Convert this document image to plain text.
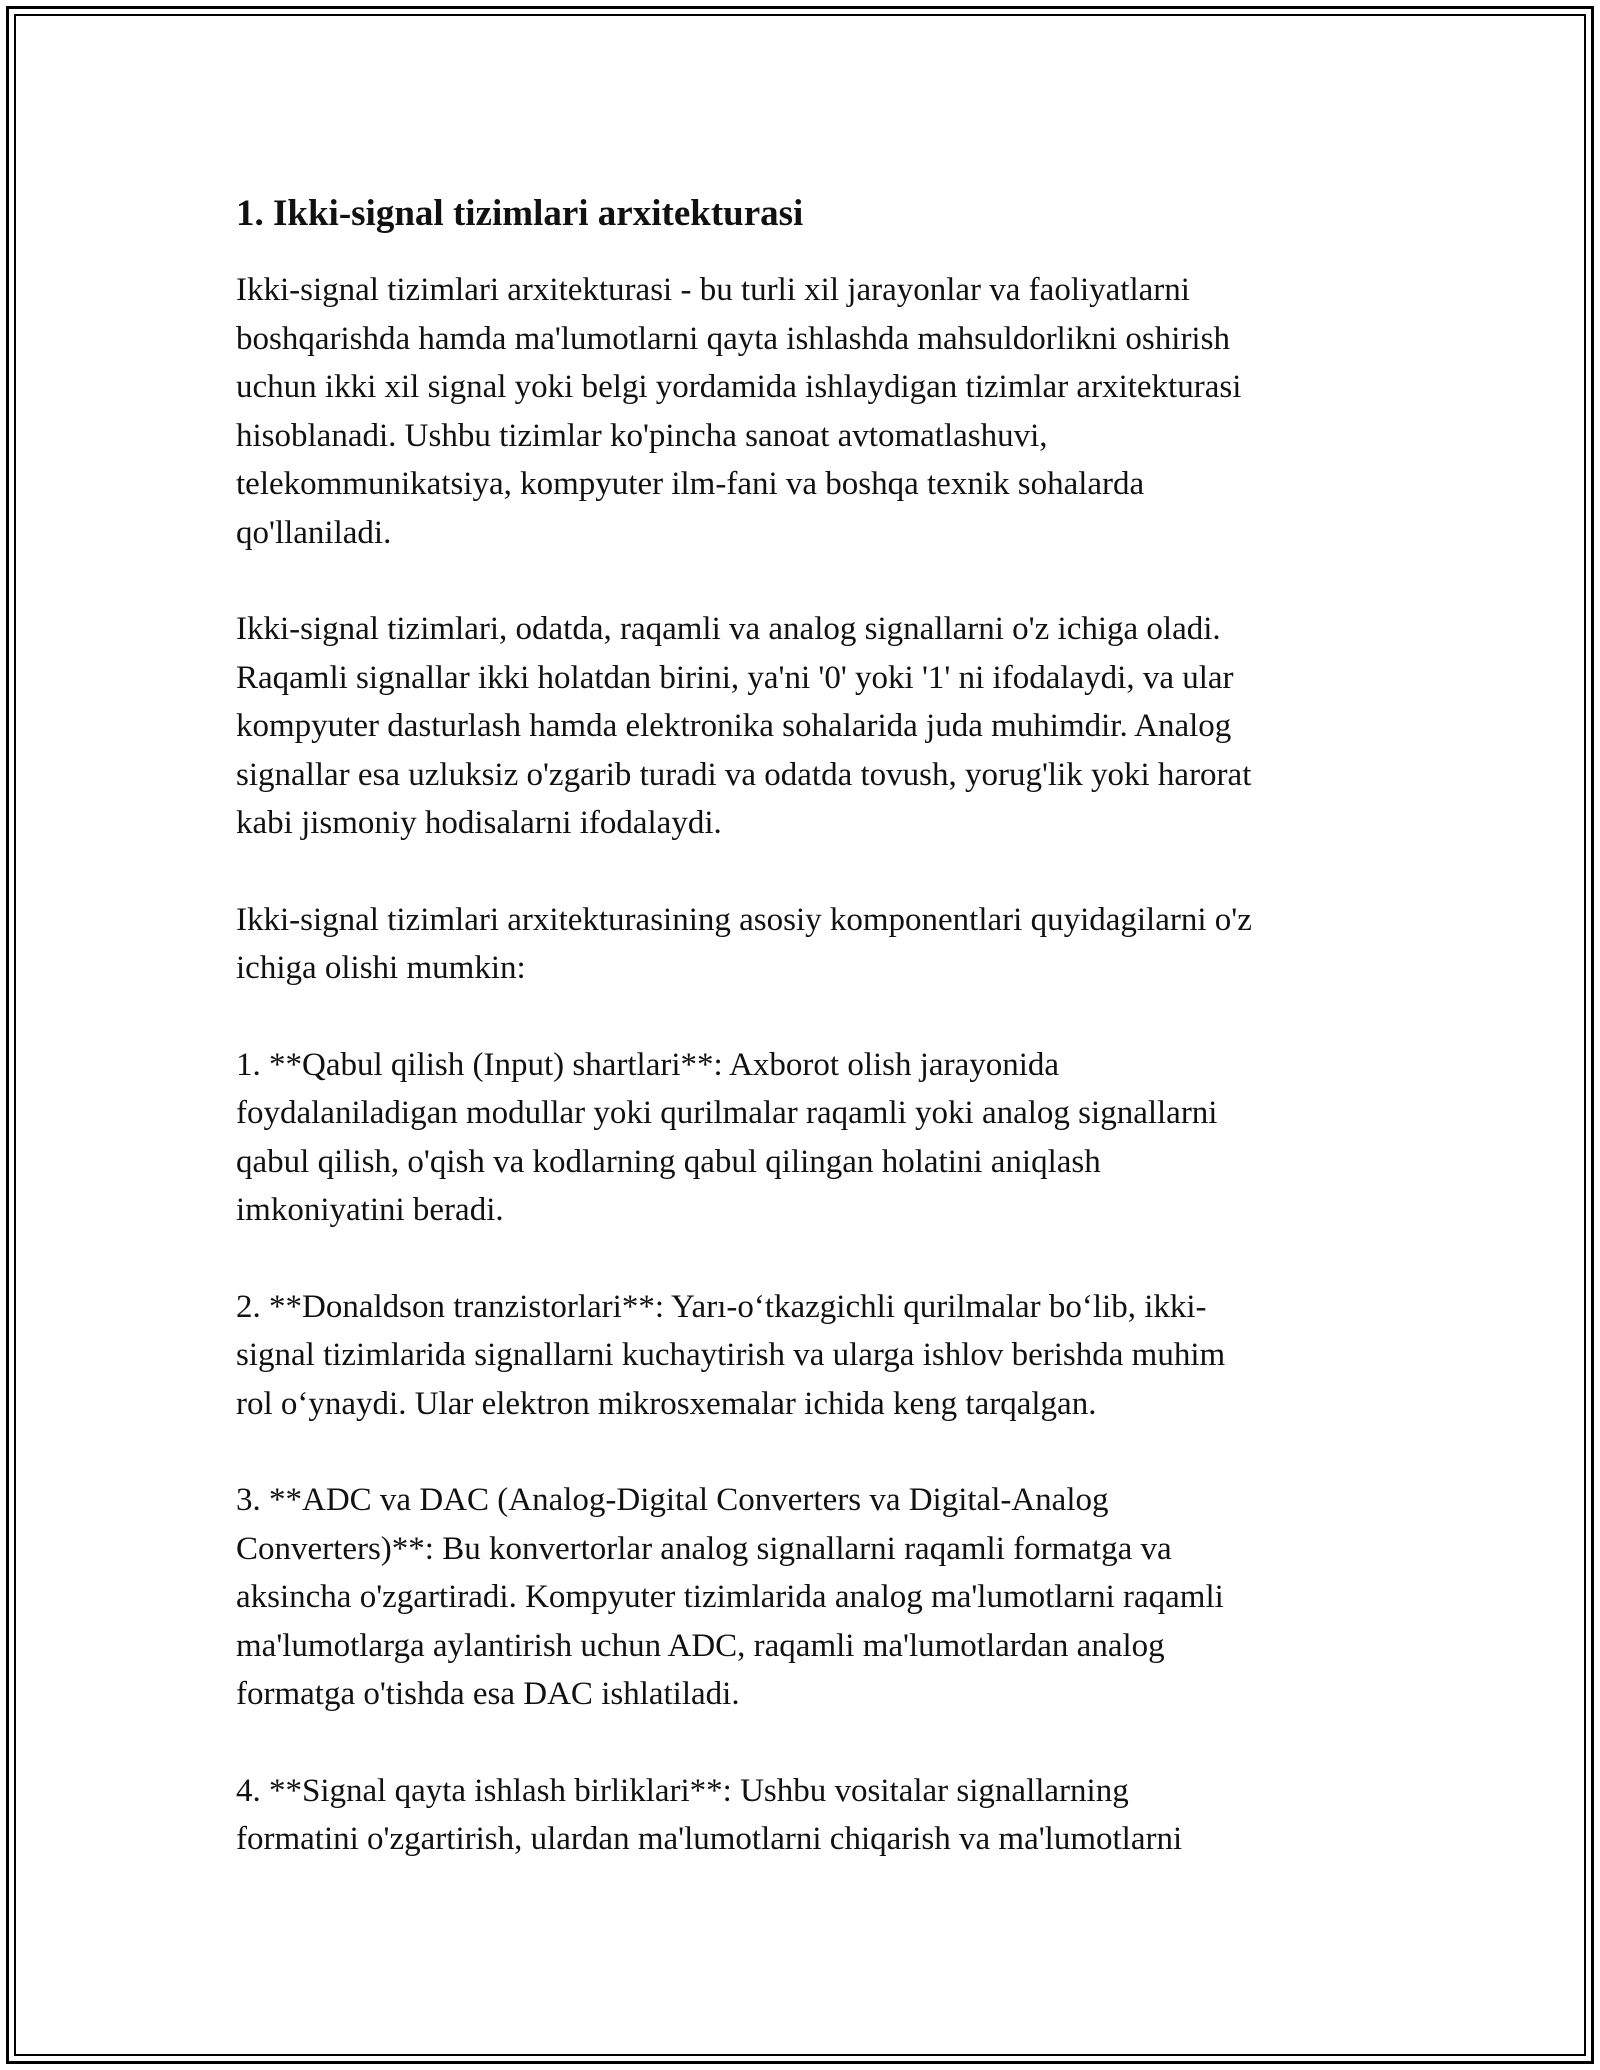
1. Ikki-signal tizimlari arxitekturasi

Ikki-signal tizimlari arxitekturasi - bu turli xil jarayonlar va faoliyatlarni
boshqarishda hamda ma'lumotlarni qayta ishlashda mahsuldorlikni oshirish
uchun ikki xil signal yoki belgi yordamida ishlaydigan tizimlar arxitekturasi
hisoblanadi. Ushbu tizimlar ko'pincha sanoat avtomatlashuvi,
telekommunikatsiya, kompyuter ilm-fani va boshqa texnik sohalarda
qo'llaniladi.

Ikki-signal tizimlari, odatda, raqamli va analog signallarni o'z ichiga oladi.
Raqamli signallar ikki holatdan birini, ya'ni '0' yoki '1' ni ifodalaydi, va ular
kompyuter dasturlash hamda elektronika sohalarida juda muhimdir. Analog
signallar esa uzluksiz o'zgarib turadi va odatda tovush, yorug'lik yoki harorat
kabi jismoniy hodisalarni ifodalaydi.

Ikki-signal tizimlari arxitekturasining asosiy komponentlari quyidagilarni o'z
ichiga olishi mumkin:

1. **Qabul qilish (Input) shartlari**: Axborot olish jarayonida
foydalaniladigan modullar yoki qurilmalar raqamli yoki analog signallarni
qabul qilish, o'qish va kodlarning qabul qilingan holatini aniqlash
imkoniyatini beradi.

2. **Donaldson tranzistorlari**: Yarı-o‘tkazgichli qurilmalar bo‘lib, ikki-
signal tizimlarida signallarni kuchaytirish va ularga ishlov berishda muhim
rol o‘ynaydi. Ular elektron mikrosxemalar ichida keng tarqalgan.

3. **ADC va DAC (Analog-Digital Converters va Digital-Analog
Converters)**: Bu konvertorlar analog signallarni raqamli formatga va
aksincha o'zgartiradi. Kompyuter tizimlarida analog ma'lumotlarni raqamli
ma'lumotlarga aylantirish uchun ADC, raqamli ma'lumotlardan analog
formatga o'tishda esa DAC ishlatiladi.

4. **Signal qayta ishlash birliklari**: Ushbu vositalar signallarning
formatini o'zgartirish, ulardan ma'lumotlarni chiqarish va ma'lumotlarni
